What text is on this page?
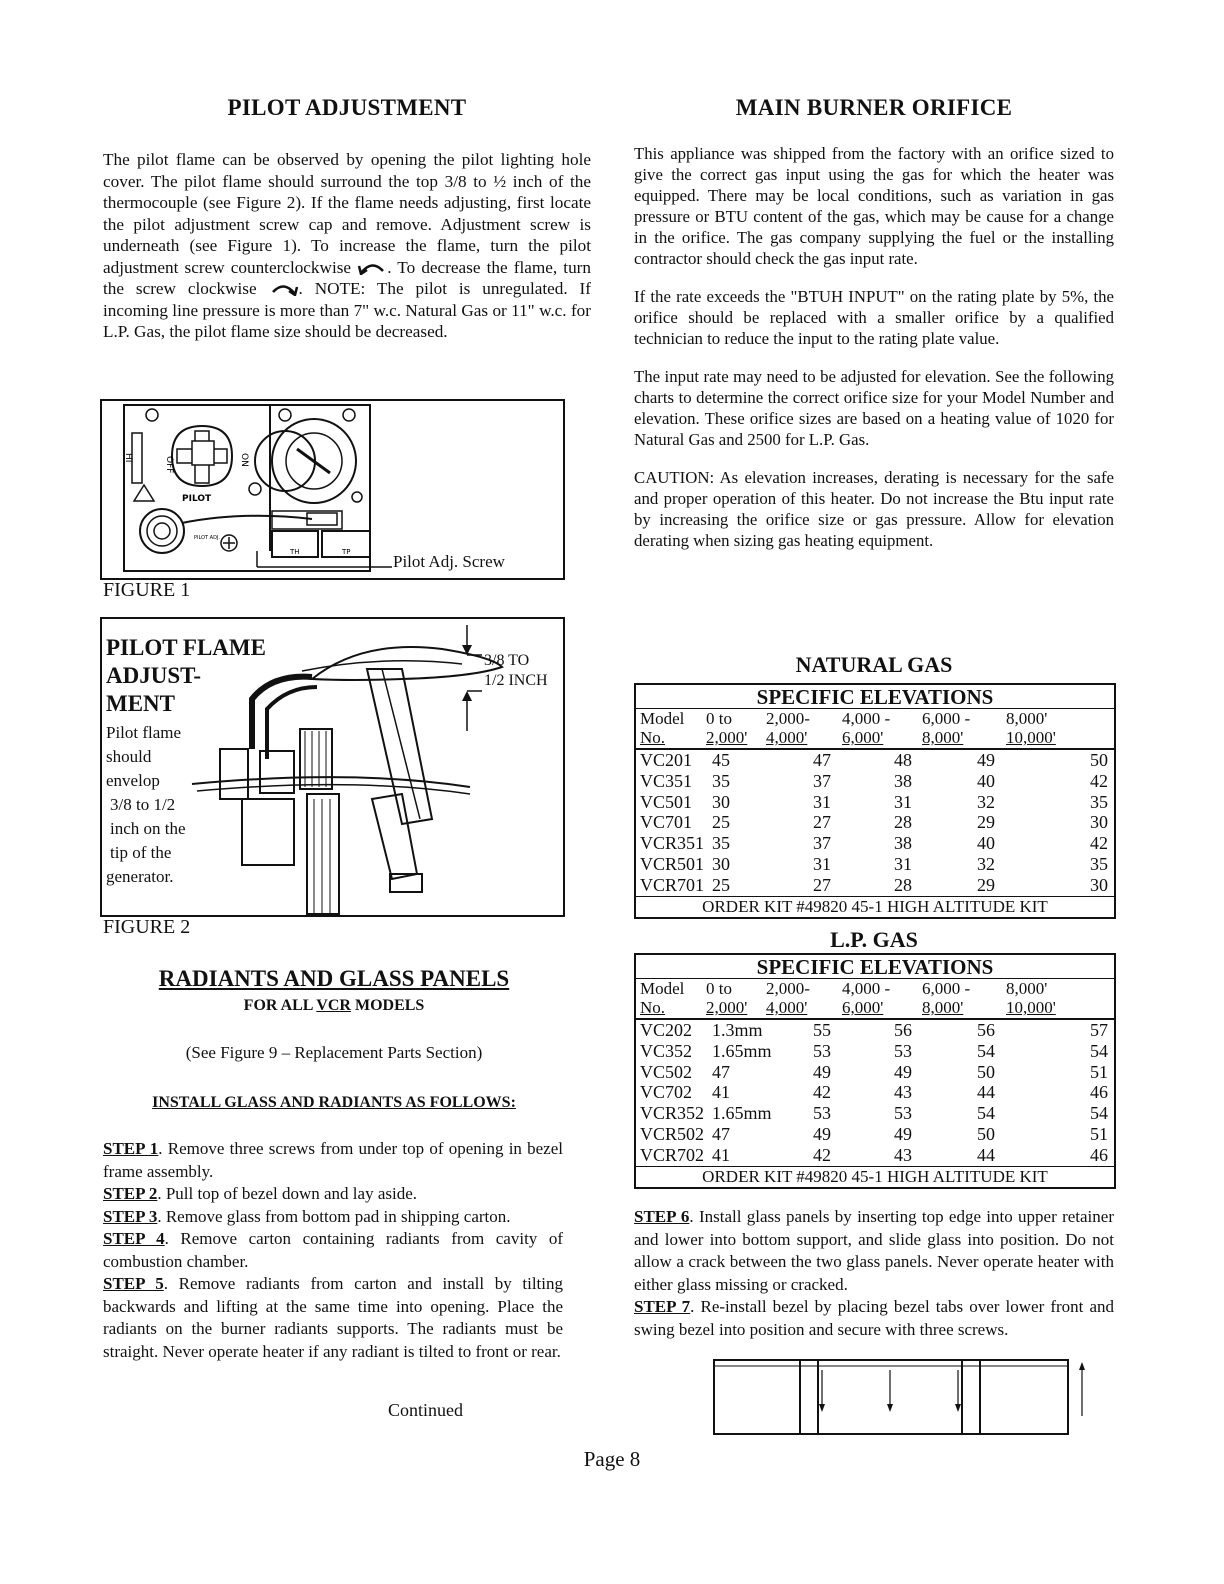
PILOT ADJUSTMENT

The pilot flame can be observed by opening the pilot lighting hole cover. The pilot flame should surround the top 3/8 to ½ inch of the thermocouple (see Figure 2). If the flame needs adjusting, first locate the pilot adjustment screw cap and remove. Adjustment screw is underneath (see Figure 1). To increase the flame, turn the pilot adjustment screw counterclockwise . To decrease the flame, turn the screw clockwise . NOTE: The pilot is unregulated. If incoming line pressure is more than 7" w.c. Natural Gas or 11" w.c. for L.P. Gas, the pilot flame size should be decreased.

OFF	ON
HI
PILOT
TH	TP
PILOT ADJ.
Pilot Adj. Screw
FIGURE 1
PILOT FLAME
ADJUST-
MENT
Pilot flame
should
envelop
3/8 to 1/2
inch on the
tip of the
generator.
3/8 TO
1/2 INCH
FIGURE 2
RADIANTS AND GLASS PANELS
FOR ALL VCR MODELS
(See Figure 9 – Replacement Parts Section)
INSTALL GLASS AND RADIANTS AS FOLLOWS:

STEP 1. Remove three screws from under top of opening in bezel frame assembly.

STEP 2. Pull top of bezel down and lay aside.

STEP 3. Remove glass from bottom pad in shipping carton.

STEP 4. Remove carton containing radiants from cavity of combustion chamber.

STEP 5. Remove radiants from carton and install by tilting backwards and lifting at the same time into opening. Place the radiants on the burner radiants supports. The radiants must be straight. Never operate heater if any radiant is tilted to front or rear.

Continued
MAIN BURNER ORIFICE

This appliance was shipped from the factory with an orifice sized to give the correct gas input using the gas for which the heater was equipped. There may be local conditions, such as variation in gas pressure or BTU content of the gas, which may be cause for a change in the orifice. The gas company supplying the fuel or the installing contractor should check the gas input rate.

If the rate exceeds the "BTUH INPUT" on the rating plate by 5%, the orifice should be replaced with a smaller orifice by a qualified technician to reduce the input to the rating plate value.

The input rate may need to be adjusted for elevation. See the following charts to determine the correct orifice size for your Model Number and elevation. These orifice sizes are based on a heating value of 1020 for Natural Gas and 2500 for L.P. Gas.

CAUTION: As elevation increases, derating is necessary for the safe and proper operation of this heater. Do not increase the Btu input rate by increasing the orifice size or gas pressure. Allow for elevation derating when sizing gas heating equipment.

NATURAL GAS
SPECIFIC ELEVATIONS
Model	0 to	2,000-	4,000 -	6,000 -	8,000'
No.	2,000'	4,000'	6,000'	8,000'	10,000'
VC201	45	47	48	49	50
VC351	35	37	38	40	42
VC501	30	31	31	32	35
VC701	25	27	28	29	30
VCR351 35	37	38	40	42
VCR501 30	31	31	32	35
VCR701 25	27	28	29	30
ORDER KIT #49820 45-1 HIGH ALTITUDE KIT
L.P. GAS
SPECIFIC ELEVATIONS
Model	0 to	2,000-	4,000 -	6,000 -	8,000'
No.	2,000'	4,000'	6,000'	8,000'	10,000'
VC202	1.3mm	55	56	56	57
VC352	1.65mm	53	53	54	54
VC502	47	49	49	50	51
VC702	41	42	43	44	46
VCR352 1.65mm	53	53	54	54
VCR502 47	49	49	50	51
VCR702 41	42	43	44	46
ORDER KIT #49820 45-1 HIGH ALTITUDE KIT

STEP 6. Install glass panels by inserting top edge into upper retainer and lower into bottom support, and slide glass into position. Do not allow a crack between the two glass panels. Never operate heater with either glass missing or cracked.

STEP 7. Re-install bezel by placing bezel tabs over lower front and swing bezel into position and secure with three screws.

Page 8
